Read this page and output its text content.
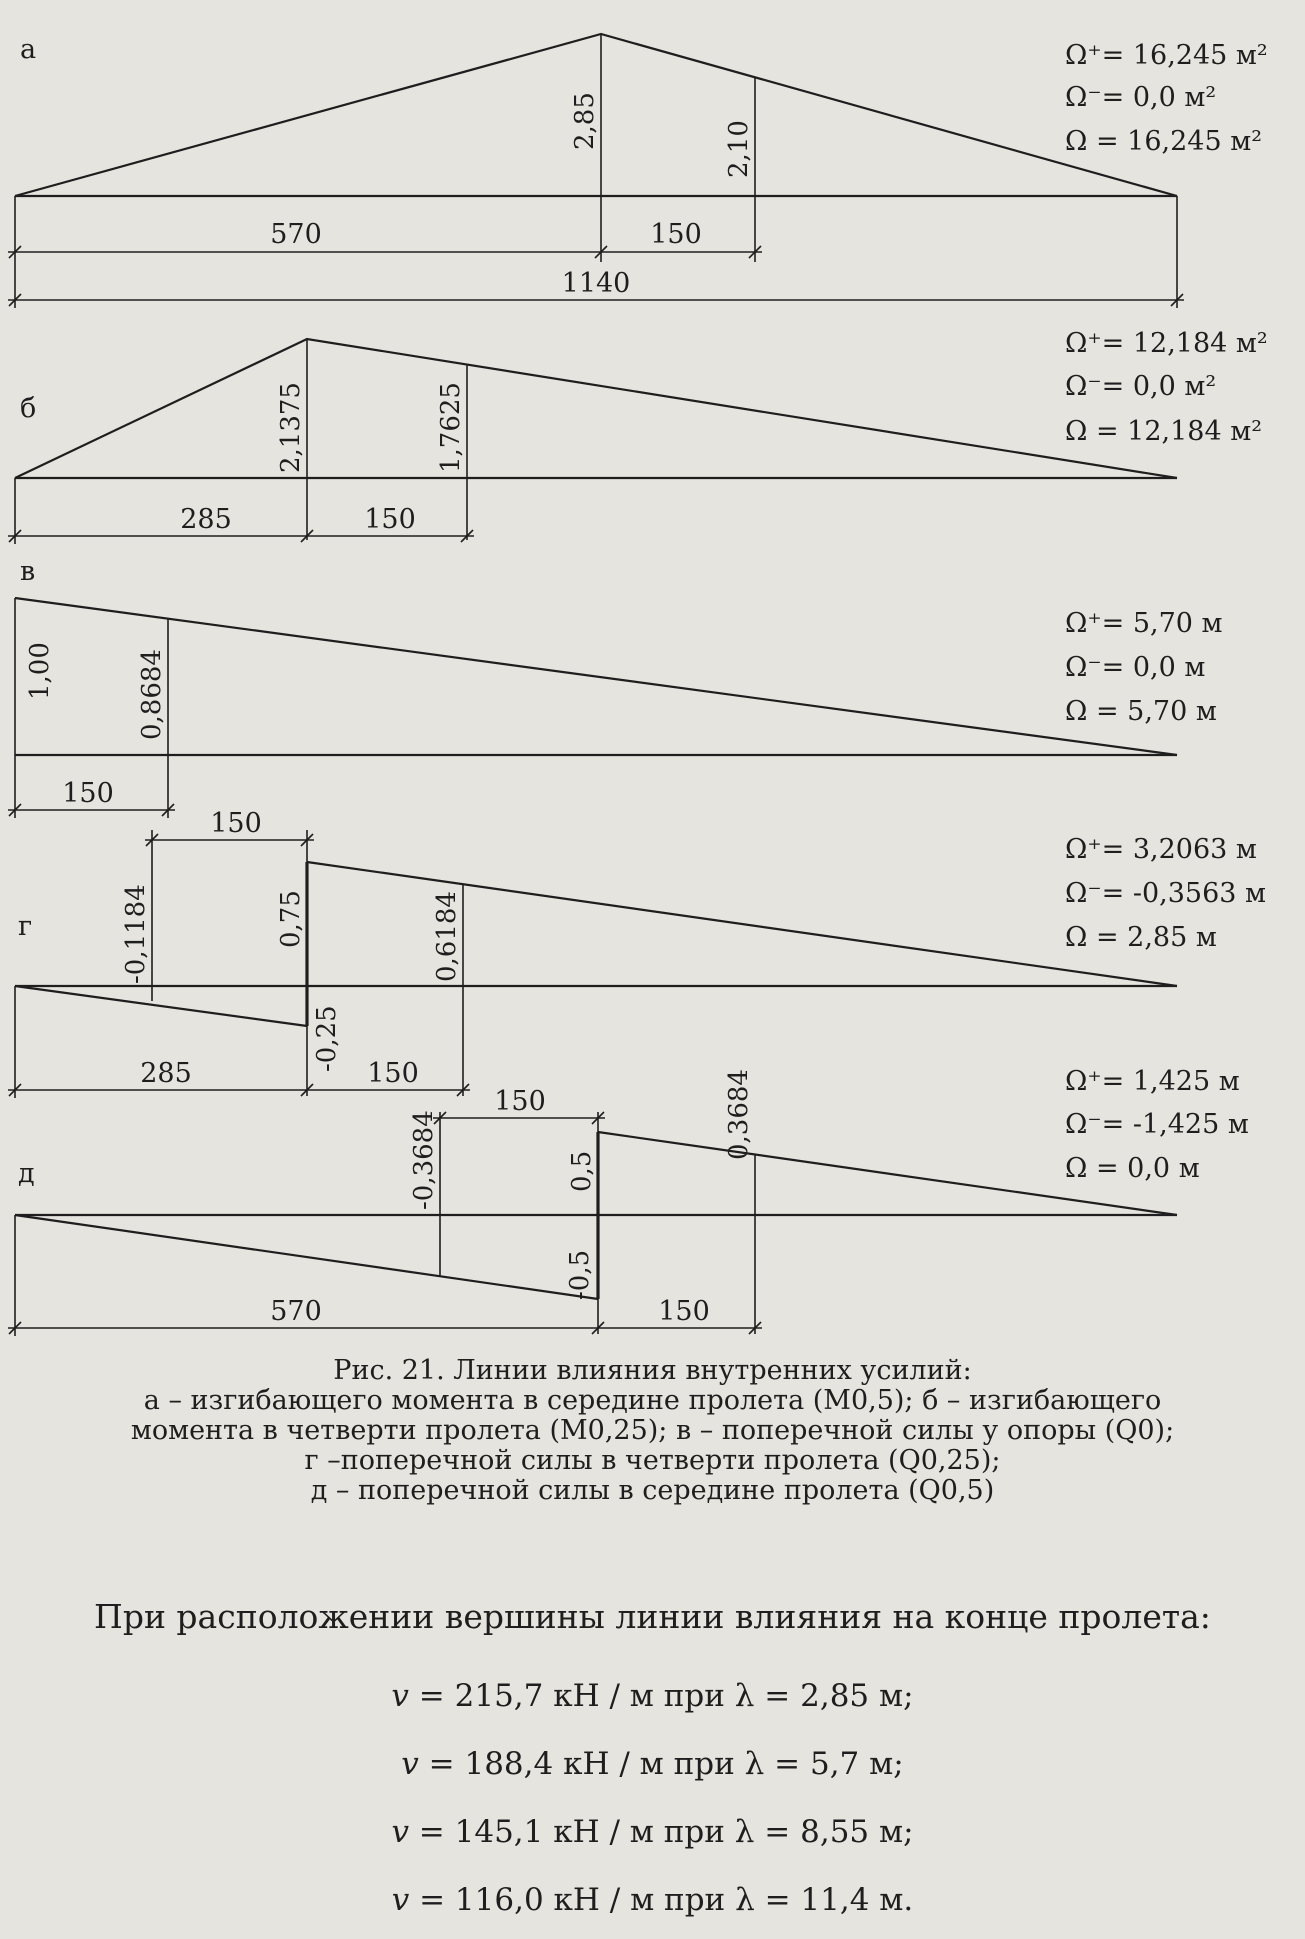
а
2,85	2,10
570	150
1140
Ω⁺= 16,245 м²
Ω⁻= 0,0 м²
Ω = 16,245 м²
б	2,1375	1,7625
285	150
Ω⁺= 12,184 м²
Ω⁻= 0,0 м²
Ω = 12,184 м²
в
1,00	0,8684
150
Ω⁺= 5,70 м
Ω⁻= 0,0 м
Ω = 5,70 м
г	-0,1184	0,75
-0,25
0,6184
150
285	150
Ω⁺= 3,2063 м
Ω⁻= -0,3563 м
Ω = 2,85 м
д	-0,3684	0,5
0,3684
-0,5
150
570	150
Ω⁺= 1,425 м
Ω⁻= -1,425 м
Ω = 0,0 м
Рис. 21. Линии влияния внутренних усилий:
а – изгибающего момента в середине пролета (M0,5); б – изгибающего
момента в четверти пролета (M0,25); в – поперечной силы у опоры (Q0);
г –поперечной силы в четверти пролета (Q0,25);
д – поперечной силы в середине пролета (Q0,5)
При расположении вершины линии влияния на конце пролета:
v = 215,7 кН / м при λ = 2,85 м;
v = 188,4 кН / м при λ = 5,7 м;
v = 145,1 кН / м при λ = 8,55 м;
v = 116,0 кН / м при λ = 11,4 м.
